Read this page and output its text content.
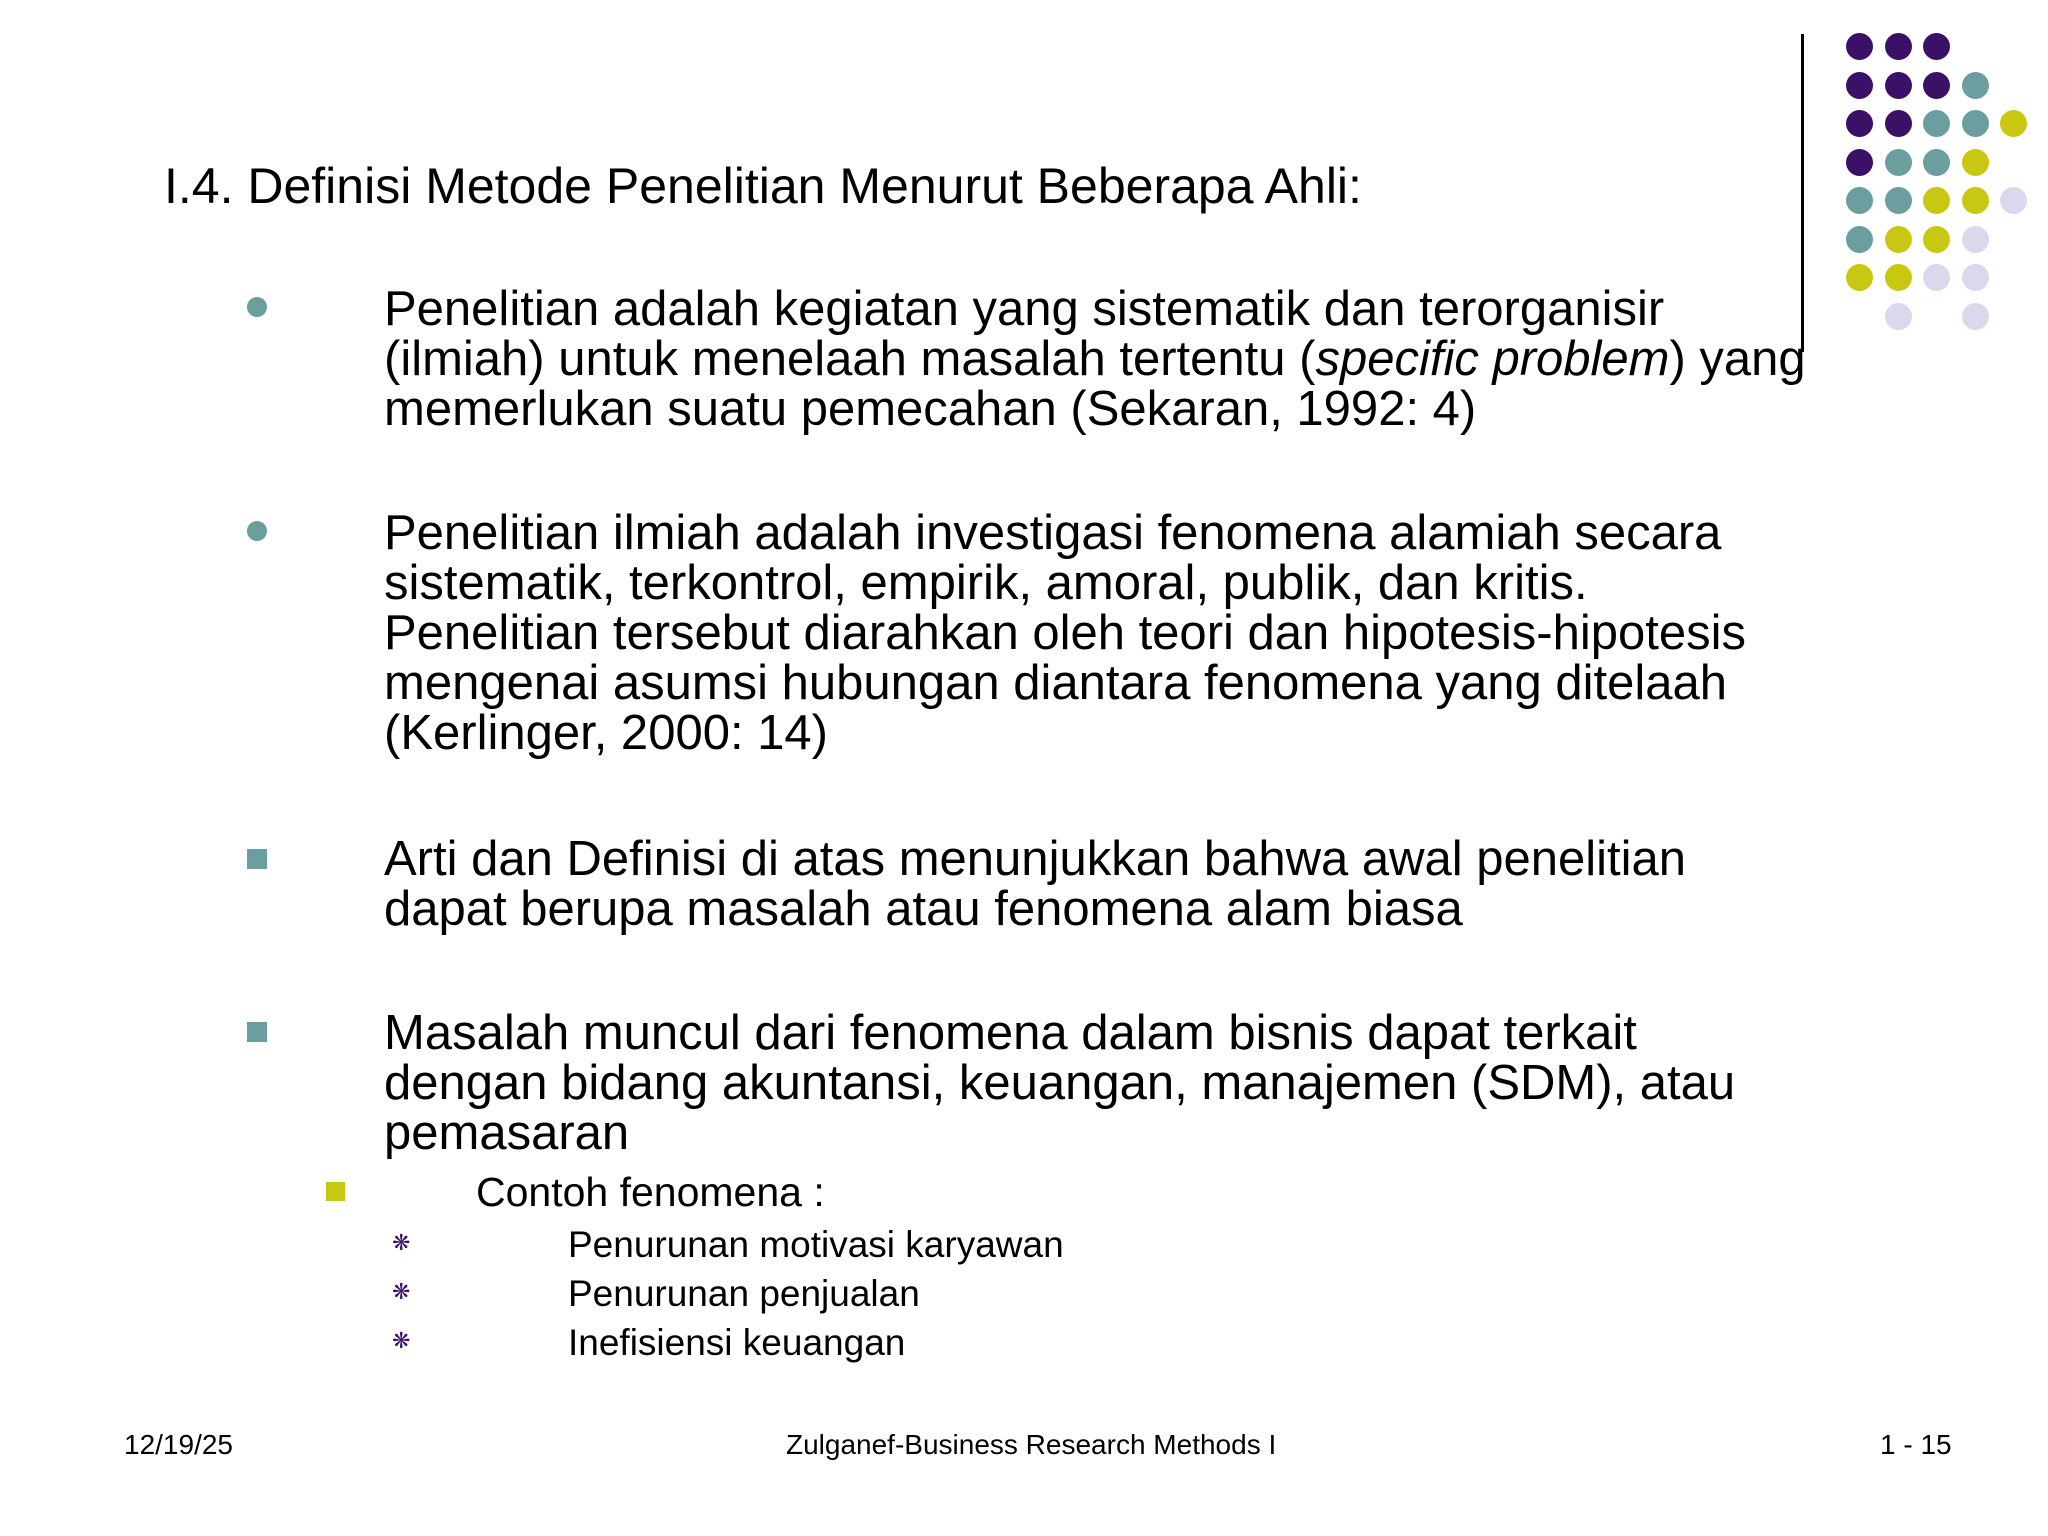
I.4. Definisi Metode Penelitian Menurut Beberapa Ahli:
Penelitian adalah kegiatan yang sistematik dan terorganisir
(ilmiah) untuk menelaah masalah tertentu (specific problem) yang
memerlukan suatu pemecahan (Sekaran, 1992: 4)
Penelitian ilmiah adalah investigasi fenomena alamiah secara
sistematik, terkontrol, empirik, amoral, publik, dan kritis.
Penelitian tersebut diarahkan oleh teori dan hipotesis-hipotesis
mengenai asumsi hubungan diantara fenomena yang ditelaah
(Kerlinger, 2000: 14)
Arti dan Definisi di atas menunjukkan bahwa awal penelitian
dapat berupa masalah atau fenomena alam biasa
Masalah muncul dari fenomena dalam bisnis dapat terkait
dengan bidang akuntansi, keuangan, manajemen (SDM), atau
pemasaran
Contoh fenomena :
❋	Penurunan motivasi karyawan
❋	Penurunan penjualan
❋	Inefisiensi keuangan
12/19/25	Zulganef-Business Research Methods I	1 - 15
